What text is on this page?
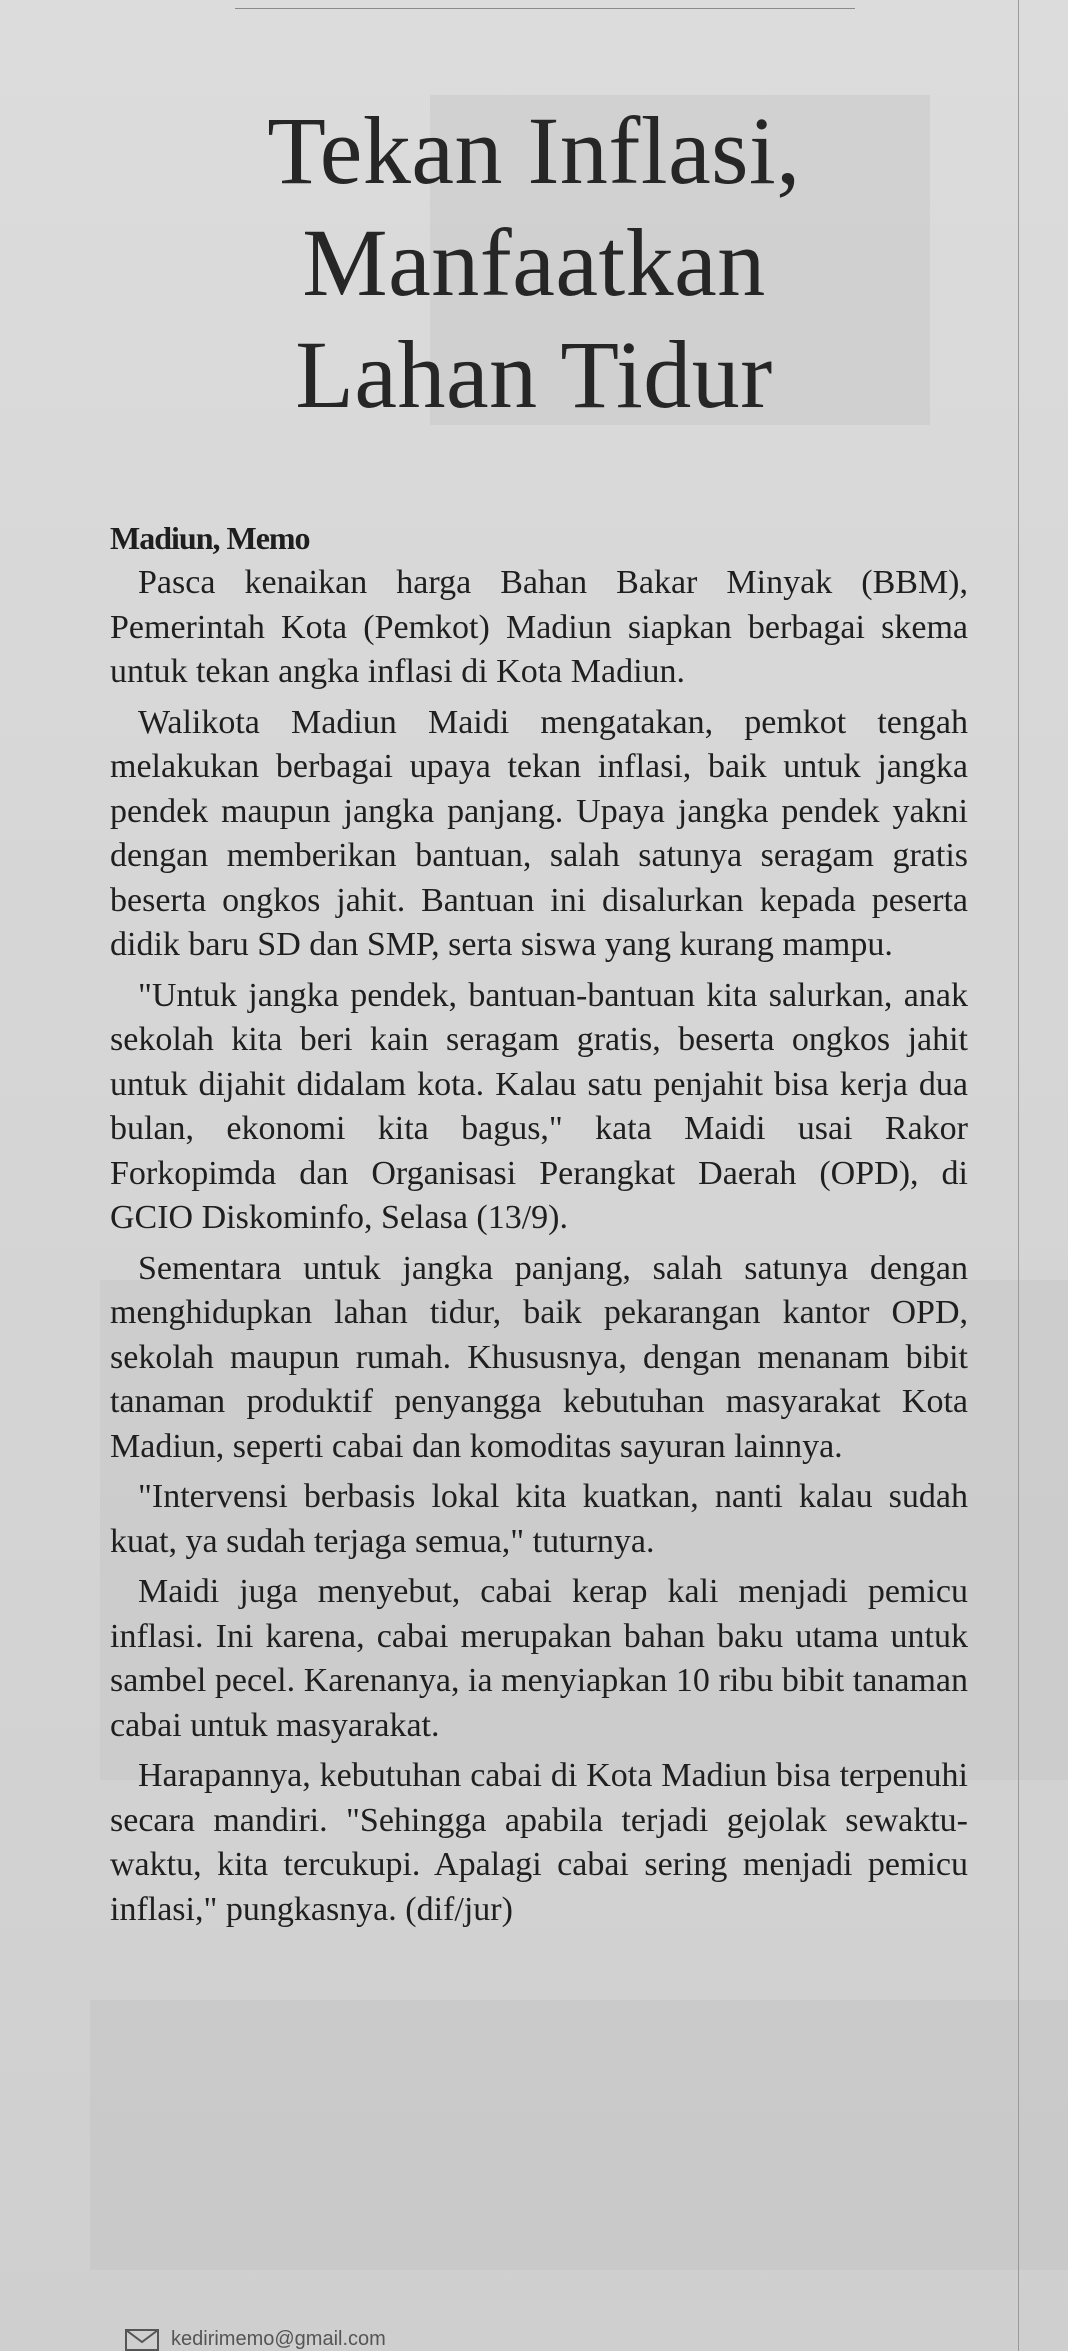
Tekan Inflasi,
Manfaatkan
Lahan Tidur

Madiun, Memo

Pasca kenaikan harga Bahan Bakar Minyak (BBM), Pemerintah Kota (Pemkot) Madiun siapkan berbagai skema untuk tekan angka inflasi di Kota Madiun.

Walikota Madiun Maidi mengatakan, pemkot tengah melakukan berbagai upaya tekan inflasi, baik untuk jangka pendek maupun jangka panjang. Upaya jangka pendek yakni dengan memberikan bantuan, salah satunya seragam gratis beserta ongkos jahit. Bantuan ini disalurkan kepada peserta didik baru SD dan SMP, serta siswa yang kurang mampu.

"Untuk jangka pendek, bantuan-bantuan kita salurkan, anak sekolah kita beri kain seragam gratis, beserta ongkos jahit untuk dijahit didalam kota. Kalau satu penjahit bisa kerja dua bulan, ekonomi kita bagus," kata Maidi usai Rakor Forkopimda dan Organisasi Perangkat Daerah (OPD), di GCIO Diskominfo, Selasa (13/9).

Sementara untuk jangka panjang, salah satunya dengan menghidupkan lahan tidur, baik pekarangan kantor OPD, sekolah maupun rumah. Khususnya, dengan menanam bibit tanaman produktif penyangga kebutuhan masyarakat Kota Madiun, seperti cabai dan komoditas sayuran lainnya.

"Intervensi berbasis lokal kita kuatkan, nanti kalau sudah kuat, ya sudah terjaga semua," tuturnya.

Maidi juga menyebut, cabai kerap kali menjadi pemicu inflasi. Ini karena, cabai merupakan bahan baku utama untuk sambel pecel. Karenanya, ia menyiapkan 10 ribu bibit tanaman cabai untuk masyarakat.

Harapannya, kebutuhan cabai di Kota Madiun bisa terpenuhi secara mandiri. "Sehingga apabila terjadi gejolak sewaktu-waktu, kita tercukupi. Apalagi cabai sering menjadi pemicu inflasi," pungkasnya. (dif/jur)

kedirimemo@gmail.com
